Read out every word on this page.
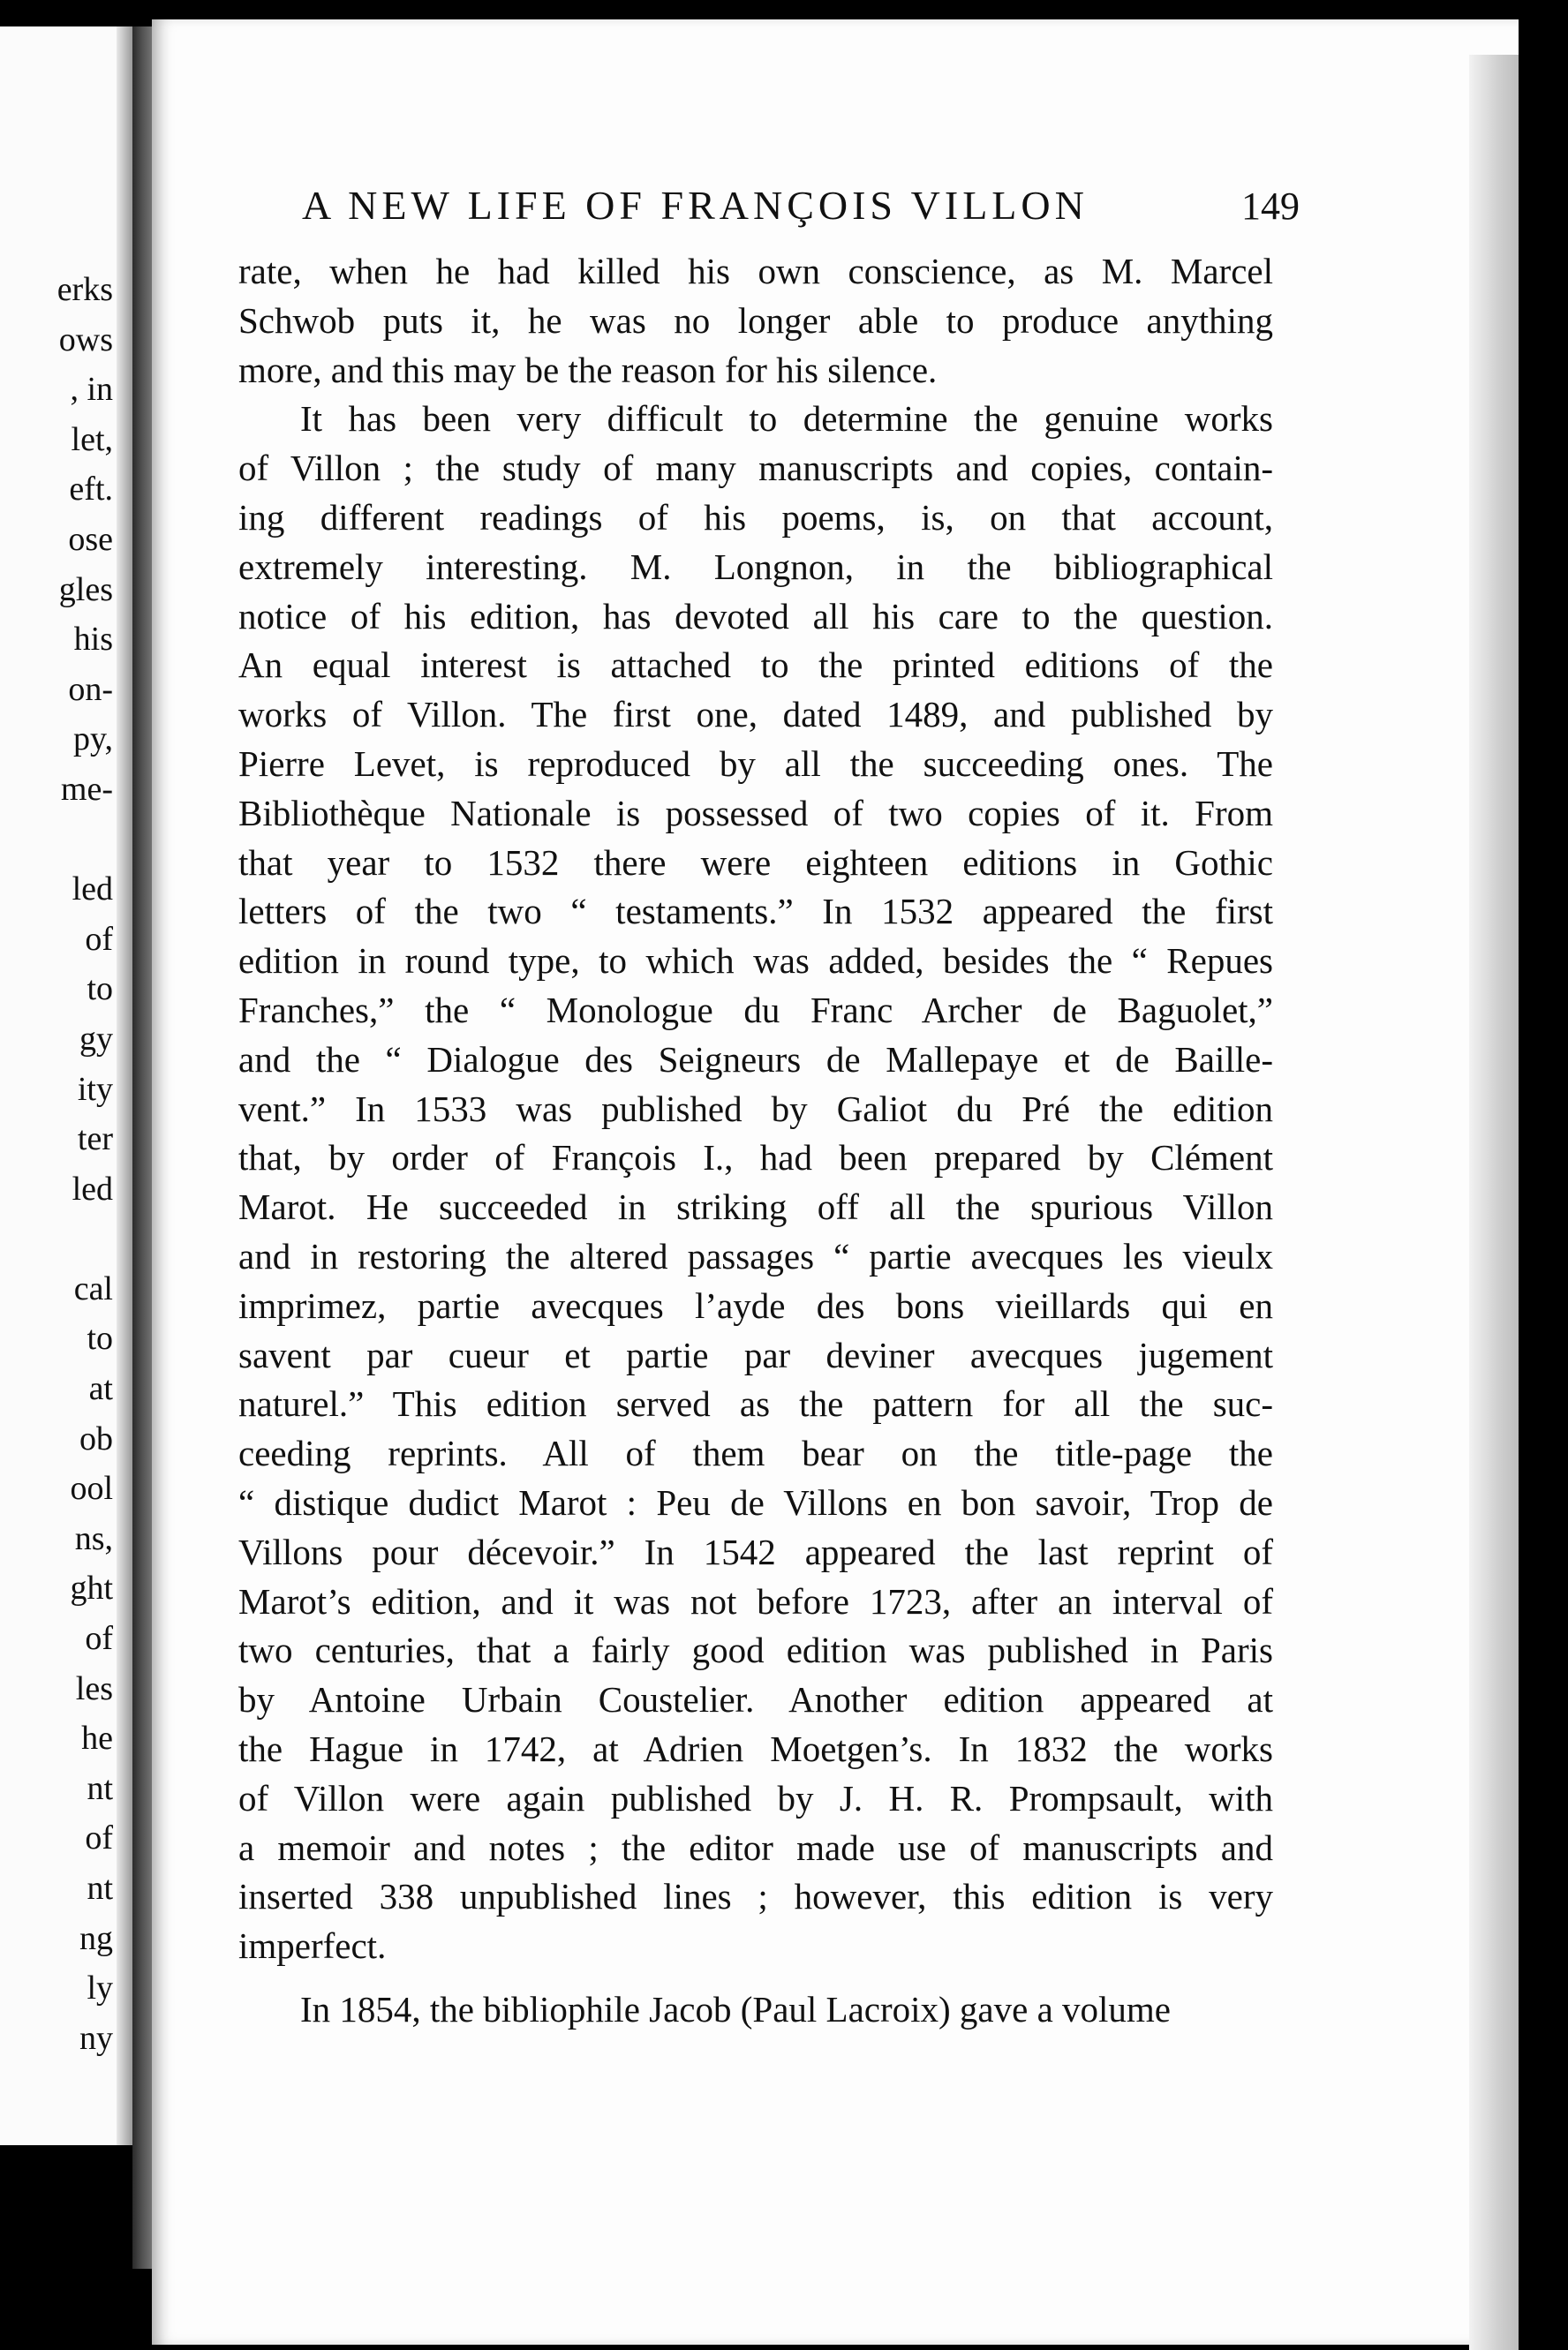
erks
ows
, in
let,
eft.
ose
gles
his
on-
py,
me-
led
of
to
gy
ity
ter
led
cal
to
at
ob
ool
ns,
ght
of
les
he
nt
of
nt
ng
ly
ny
A NEW LIFE OF FRANÇOIS VILLON	149
rate, when he had killed his own conscience, as M. Marcel
Schwob puts it, he was no longer able to produce anything
more, and this may be the reason for his silence.
It has been very difficult to determine the genuine works
of Villon ; the study of many manuscripts and copies, contain-
ing different readings of his poems, is, on that account,
extremely interesting. M. Longnon, in the bibliographical
notice of his edition, has devoted all his care to the question.
An equal interest is attached to the printed editions of the
works of Villon. The first one, dated 1489, and published by
Pierre Levet, is reproduced by all the succeeding ones. The
Bibliothèque Nationale is possessed of two copies of it. From
that year to 1532 there were eighteen editions in Gothic
letters of the two “ testaments.” In 1532 appeared the first
edition in round type, to which was added, besides the “ Repues
Franches,” the “ Monologue du Franc Archer de Baguolet,”
and the “ Dialogue des Seigneurs de Mallepaye et de Baille-
vent.” In 1533 was published by Galiot du Pré the edition
that, by order of François I., had been prepared by Clément
Marot. He succeeded in striking off all the spurious Villon
and in restoring the altered passages “ partie avecques les vieulx
imprimez, partie avecques l’ayde des bons vieillards qui en
savent par cueur et partie par deviner avecques jugement
naturel.” This edition served as the pattern for all the suc-
ceeding reprints. All of them bear on the title-page the
“ distique dudict Marot : Peu de Villons en bon savoir, Trop de
Villons pour décevoir.” In 1542 appeared the last reprint of
Marot’s edition, and it was not before 1723, after an interval of
two centuries, that a fairly good edition was published in Paris
by Antoine Urbain Coustelier. Another edition appeared at
the Hague in 1742, at Adrien Moetgen’s. In 1832 the works
of Villon were again published by J. H. R. Prompsault, with
a memoir and notes ; the editor made use of manuscripts and
inserted 338 unpublished lines ; however, this edition is very
imperfect.
In 1854, the bibliophile Jacob (Paul Lacroix) gave a volume
